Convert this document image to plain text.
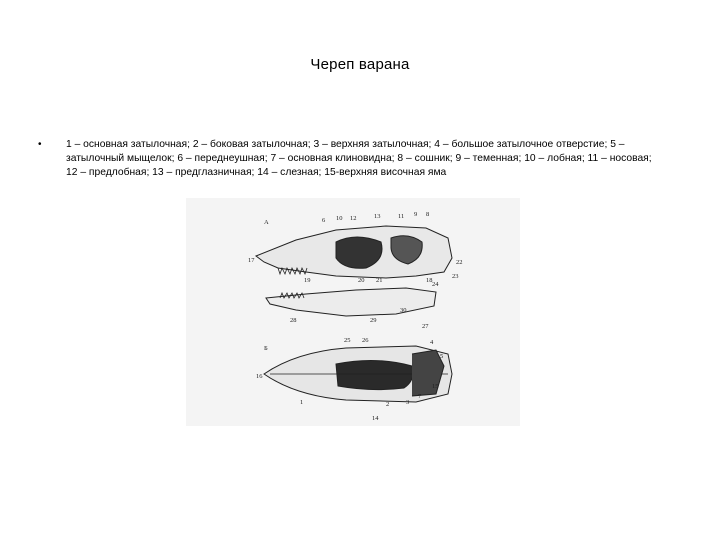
Череп варана
• 1 – основная затылочная; 2 – боковая затылочная; 3 – верхняя затылочная; 4 – большое затылочное отверстие; 5 – затылочный мыщелок; 6 – переднеушная; 7 – основная клиновидна; 8 – сошник; 9 – теменная; 10 – лобная; 11 – носовая; 12 – предлобная; 13 – предглазничная; 14 – слезная; 15-верхняя височная яма
A
Б
6 10 12	13	11 9 8
17	22
23
19	20 21	18
28
24
29
30
27
25 26
16
4
5
1	2	3
7
14
15
